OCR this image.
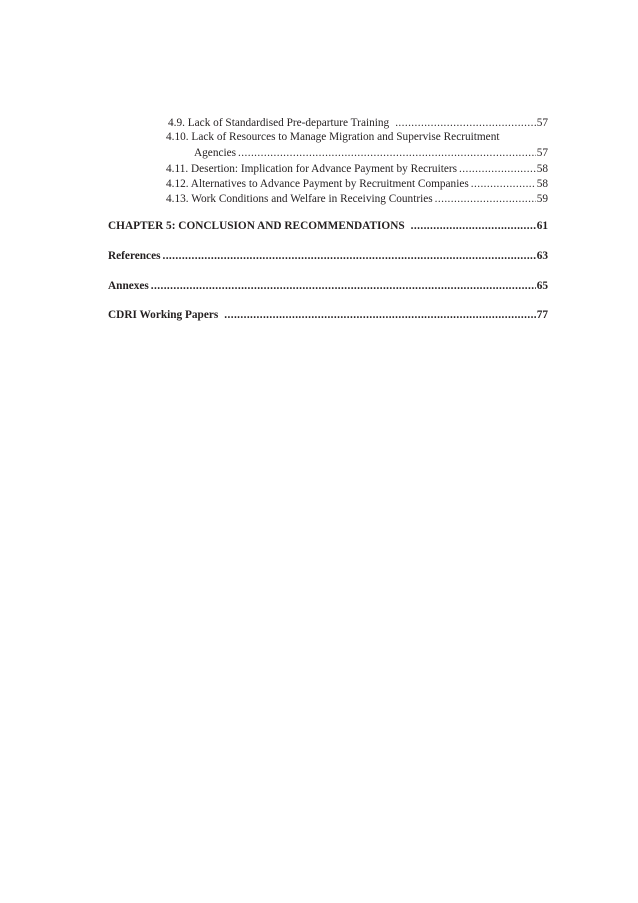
4.9. Lack of Standardised Pre-departure Training .....	57
4.10. Lack of Resources to Manage Migration and Supervise Recruitment
Agencies .....	57
4.11. Desertion: Implication for Advance Payment by Recruiters .....	58
4.12. Alternatives to Advance Payment by Recruitment Companies .....	58
4.13. Work Conditions and Welfare in Receiving Countries .....	59
CHAPTER 5: CONCLUSION AND RECOMMENDATIONS .....	61
References .....	63
Annexes .....	65
CDRI Working Papers .....	77
